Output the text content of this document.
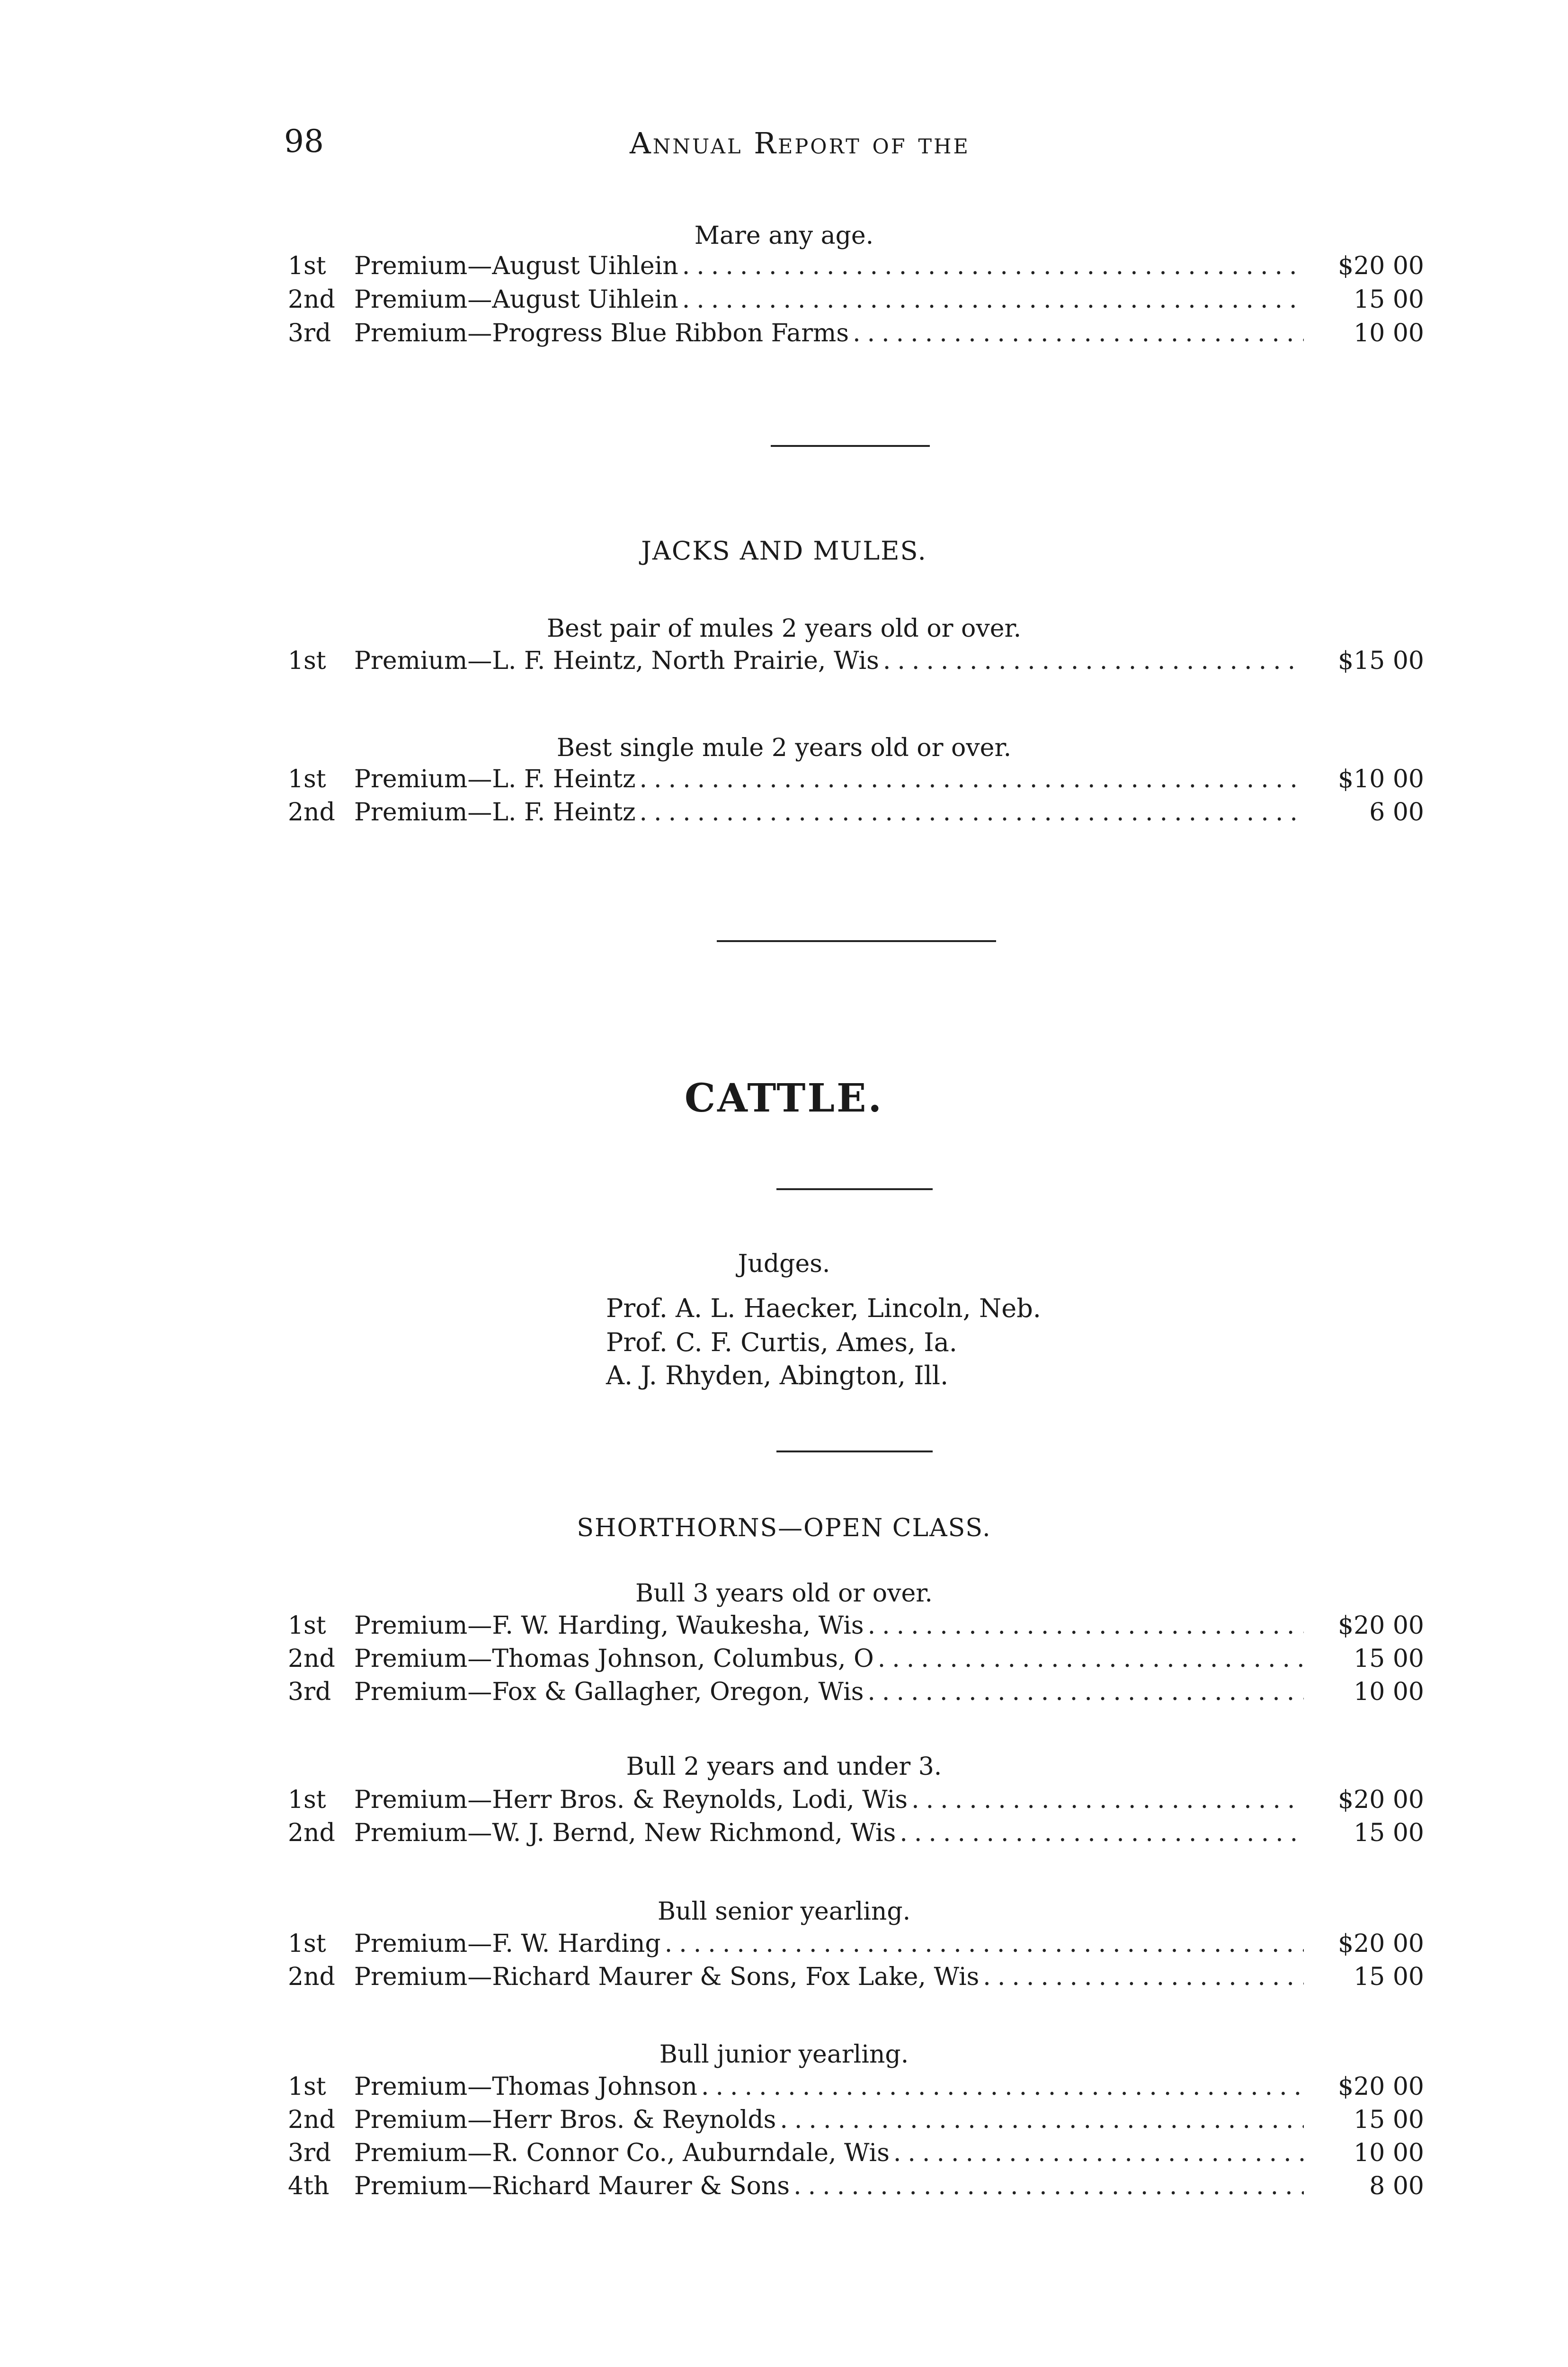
98	Annual Report of the
Mare any age.
1st	Premium—August Uihlein .....	$20 00
2nd Premium—August Uihlein .....	15 00
3rd Premium—Progress Blue Ribbon Farms .....	10 00
JACKS AND MULES.
Best pair of mules 2 years old or over.
1st	Premium—L. F. Heintz, North Prairie, Wis .....	$15 00
Best single mule 2 years old or over.
1st	Premium—L. F. Heintz .....	$10 00
2nd Premium—L. F. Heintz .....	6 00
CATTLE.
Judges.
Prof. A. L. Haecker, Lincoln, Neb.
Prof. C. F. Curtis, Ames, Ia.
A. J. Rhyden, Abington, Ill.
SHORTHORNS—OPEN CLASS.
Bull 3 years old or over.
1st	Premium—F. W. Harding, Waukesha, Wis .....	$20 00
2nd Premium—Thomas Johnson, Columbus, O .....	15 00
3rd Premium—Fox & Gallagher, Oregon, Wis .....	10 00
Bull 2 years and under 3.
1st	Premium—Herr Bros. & Reynolds, Lodi, Wis .....	$20 00
2nd Premium—W. J. Bernd, New Richmond, Wis .....	15 00
Bull senior yearling.
1st	Premium—F. W. Harding .....	$20 00
2nd Premium—Richard Maurer & Sons, Fox Lake, Wis .....	15 00
Bull junior yearling.
1st	Premium—Thomas Johnson .....	$20 00
2nd Premium—Herr Bros. & Reynolds .....	15 00
3rd Premium—R. Connor Co., Auburndale, Wis .....	10 00
4th	Premium—Richard Maurer & Sons .....	8 00
